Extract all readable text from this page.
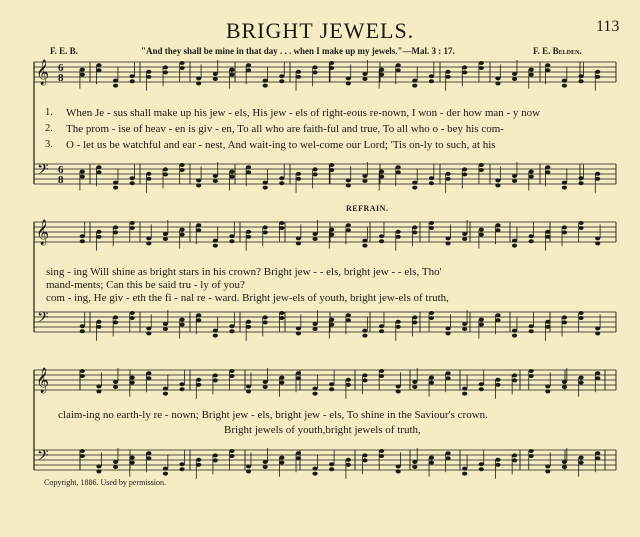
𝄞
𝄢
𝄞
𝄢
𝄞
𝄢
6
6
8
8
BRIGHT JEWELS.	113
F. E. B.	"And they shall be mine in that day . . . when I make up my jewels."—Mal. 3 : 17.	F. E. Belden.
1. When Je - sus shall make up his jew - els, His jew - els of right-eous re-nown, I won - der how man - y now
2. The prom - ise of heav - en is giv - en, To all who are faith-ful and true, To all who o - bey his com-
3. O - let us be watchful and ear - nest, And wait-ing to wel-come our Lord; 'Tis on-ly to such, at his
REFRAIN.
sing - ing Will shine as bright stars in his crown? Bright jew - - els, bright jew - - els, Tho'
mand-ments; Can this be said tru - ly of you?
com - ing, He giv - eth the fi - nal re - ward. Bright jew-els of youth, bright jew-els of truth,
claim-ing no earth-ly re - nown; Bright jew - els, bright jew - els, To shine in the Saviour's crown.
Bright jewels of youth,bright jewels of truth,
Copyright, 1886. Used by permission.
